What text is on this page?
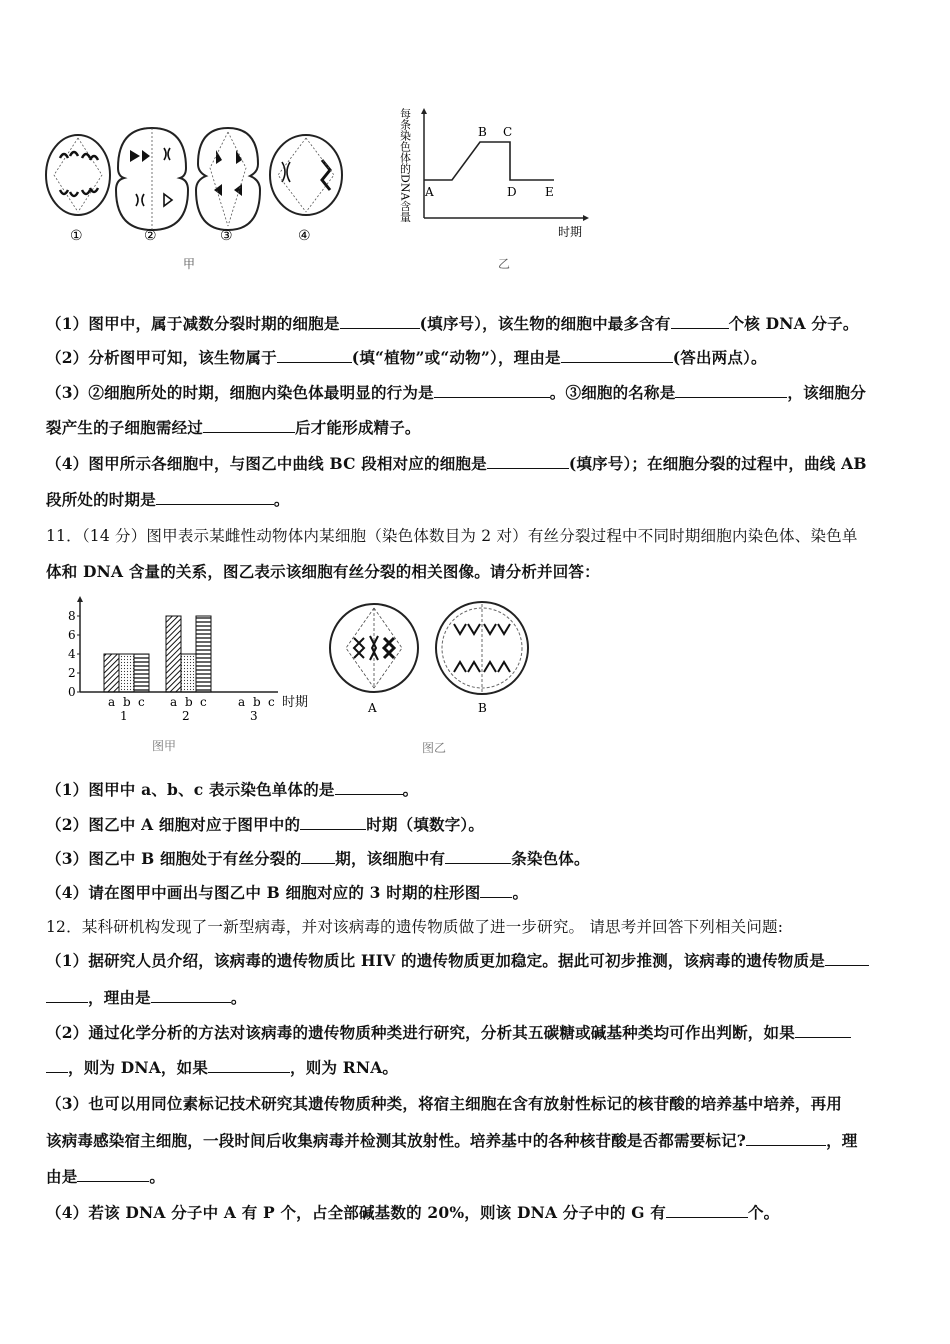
①	②	③	④
甲
A
B C
D E
每条染色体的DNA含量
时期
乙
（1）图甲中，属于减数分裂时期的细胞是	(填序号），该生物的细胞中最多含有	个核 DNA 分子。
（2）分析图甲可知，该生物属于	(填“植物”或“动物”），理由是	(答出两点）。
（3）②细胞所处的时期，细胞内染色体最明显的行为是	。③细胞的名称是	，该细胞分
裂产生的子细胞需经过	后才能形成精子。
（4）图甲所示各细胞中，与图乙中曲线 BC 段相对应的细胞是	(填序号）；在细胞分裂的过程中，曲线 AB
段所处的时期是	。
11．（14 分）图甲表示某雌性动物体内某细胞（染色体数目为 2 对）有丝分裂过程中不同时期细胞内染色体、染色单
体和 DNA 含量的关系，图乙表示该细胞有丝分裂的相关图像。请分析并回答：
0
2
4
6
8
a b c
1
a b c
2
a b c
3
时期
图甲
A	B
图乙
（1）图甲中 a、b、c 表示染色单体的是	。
（2）图乙中 A 细胞对应于图甲中的	时期（填数字）。
（3）图乙中 B 细胞处于有丝分裂的 期，该细胞中有	条染色体。
（4）请在图甲中画出与图乙中 B 细胞对应的 3 时期的柱形图 。
12．某科研机构发现了一新型病毒，并对该病毒的遗传物质做了进一步研究。 请思考并回答下列相关问题:
（1）据研究人员介绍，该病毒的遗传物质比 HIV 的遗传物质更加稳定。据此可初步推测，该病毒的遗传物质是
，理由是	。
（2）通过化学分析的方法对该病毒的遗传物质种类进行研究，分析其五碳糖或碱基种类均可作出判断，如果
，则为 DNA，如果	，则为 RNA。
（3）也可以用同位素标记技术研究其遗传物质种类，将宿主细胞在含有放射性标记的核苷酸的培养基中培养，再用
该病毒感染宿主细胞，一段时间后收集病毒并检测其放射性。培养基中的各种核苷酸是否都需要标记?	，理
由是	。
（4）若该 DNA 分子中 A 有 P 个，占全部碱基数的 20%，则该 DNA 分子中的 G 有	个。
